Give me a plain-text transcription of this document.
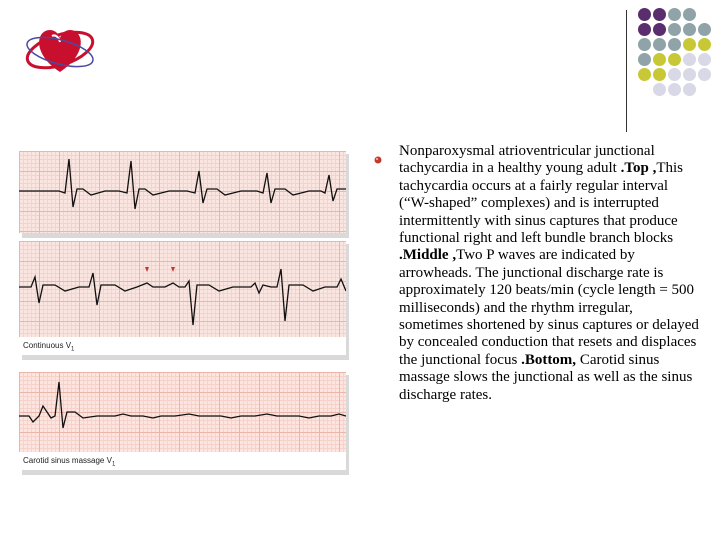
Continuous $V_1$
Carotid sinus massage $V_1$

Nonparoxysmal atrioventricular junctional tachycardia in a healthy young adult .Top ,This tachycardia occurs at a fairly regular interval (“W-shaped” complexes) and is interrupted intermittently with sinus captures that produce functional right and left bundle branch blocks .Middle ,Two P waves are indicated by arrowheads. The junctional discharge rate is approximately 120 beats/min (cycle length = 500 milliseconds) and the rhythm irregular, sometimes shortened by sinus captures or delayed by concealed conduction that resets and displaces the junctional focus .Bottom, Carotid sinus massage slows the junctional as well as the sinus discharge rates.
